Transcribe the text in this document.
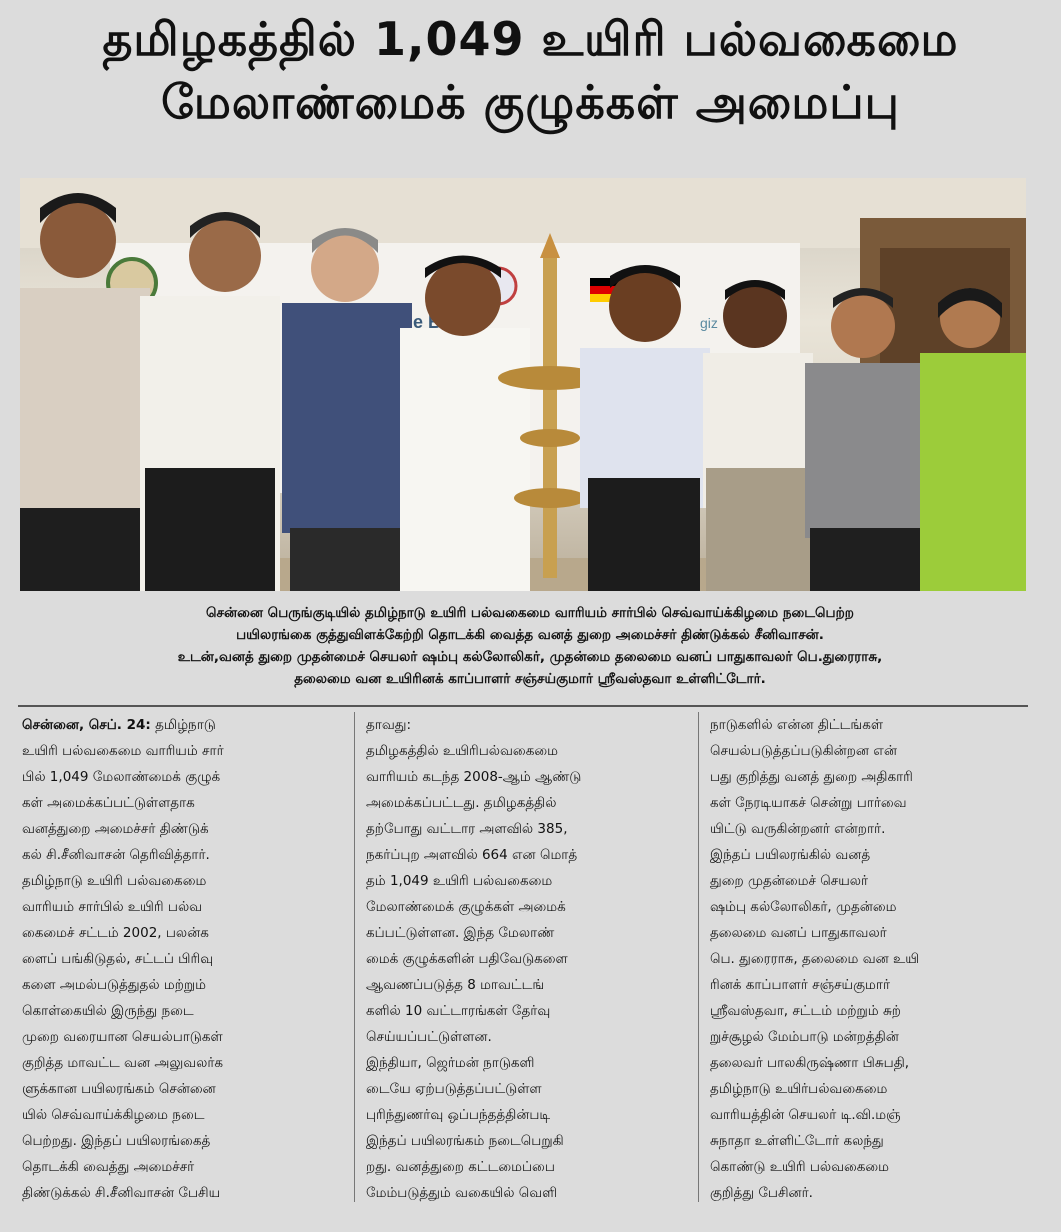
தமிழகத்தில் 1,049 உயிரி பல்வகைமை
மேலாண்மைக் குழுக்கள் அமைப்பு
e	giz
சென்னை பெருங்குடியில் தமிழ்நாடு உயிரி பல்வகைமை வாரியம் சார்பில் செவ்வாய்க்கிழமை நடைபெற்ற
பயிலரங்கை குத்துவிளக்கேற்றி தொடக்கி வைத்த வனத் துறை அமைச்சர் திண்டுக்கல் சீனிவாசன்.
உடன்,வனத் துறை முதன்மைச் செயலர் ஷம்பு கல்லோலிகர், முதன்மை தலைமை வனப் பாதுகாவலர் பெ.துரைராசு,
தலைமை வன உயிரினக் காப்பாளர் சஞ்சய்குமார் ஸ்ரீவஸ்தவா உள்ளிட்டோர்.
சென்னை, செப். 24: தமிழ்நாடு
உயிரி பல்வகைமை வாரியம் சார்
பில் 1,049 மேலாண்மைக் குழுக்
கள் அமைக்கப்பட்டுள்ளதாக
வனத்துறை அமைச்சர் திண்டுக்
கல் சி.சீனிவாசன் தெரிவித்தார்.
தமிழ்நாடு உயிரி பல்வகைமை
வாரியம் சார்பில் உயிரி பல்வ
கைமைச் சட்டம் 2002, பலன்க
ளைப் பங்கிடுதல், சட்டப் பிரிவு
களை அமல்படுத்துதல் மற்றும்
கொள்கையில் இருந்து நடை
முறை வரையான செயல்பாடுகள்
குறித்த மாவட்ட வன அலுவலர்க
ளுக்கான பயிலரங்கம் சென்னை
யில் செவ்வாய்க்கிழமை நடை
பெற்றது. இந்தப் பயிலரங்கைத்
தொடக்கி வைத்து அமைச்சர்
திண்டுக்கல் சி.சீனிவாசன் பேசிய
தாவது:
தமிழகத்தில் உயிரிபல்வகைமை
வாரியம் கடந்த 2008-ஆம் ஆண்டு
அமைக்கப்பட்டது. தமிழகத்தில்
தற்போது வட்டார அளவில் 385,
நகர்ப்புற அளவில் 664 என மொத்
தம் 1,049 உயிரி பல்வகைமை
மேலாண்மைக் குழுக்கள் அமைக்
கப்பட்டுள்ளன. இந்த மேலாண்
மைக் குழுக்களின் பதிவேடுகளை
ஆவணப்படுத்த 8 மாவட்டங்
களில் 10 வட்டாரங்கள் தேர்வு
செய்யப்பட்டுள்ளன.
இந்தியா, ஜெர்மன் நாடுகளி
டையே ஏற்படுத்தப்பட்டுள்ள
புரிந்துணர்வு ஒப்பந்தத்தின்படி
இந்தப் பயிலரங்கம் நடைபெறுகி
றது. வனத்துறை கட்டமைப்பை
மேம்படுத்தும் வகையில் வெளி
நாடுகளில் என்ன திட்டங்கள்
செயல்படுத்தப்படுகின்றன என்
பது குறித்து வனத் துறை அதிகாரி
கள் நேரடியாகச் சென்று பார்வை
யிட்டு வருகின்றனர் என்றார்.
இந்தப் பயிலரங்கில் வனத்
துறை முதன்மைச் செயலர்
ஷம்பு கல்லோலிகர், முதன்மை
தலைமை வனப் பாதுகாவலர்
பெ. துரைராசு, தலைமை வன உயி
ரினக் காப்பாளர் சஞ்சய்குமார்
ஸ்ரீவஸ்தவா, சட்டம் மற்றும் சுற்
றுச்சூழல் மேம்பாடு மன்றத்தின்
தலைவர் பாலகிருஷ்ணா பிசுபதி,
தமிழ்நாடு உயிர்பல்வகைமை
வாரியத்தின் செயலர் டி.வி.மஞ்
சுநாதா உள்ளிட்டோர் கலந்து
கொண்டு உயிரி பல்வகைமை
குறித்து பேசினர்.
